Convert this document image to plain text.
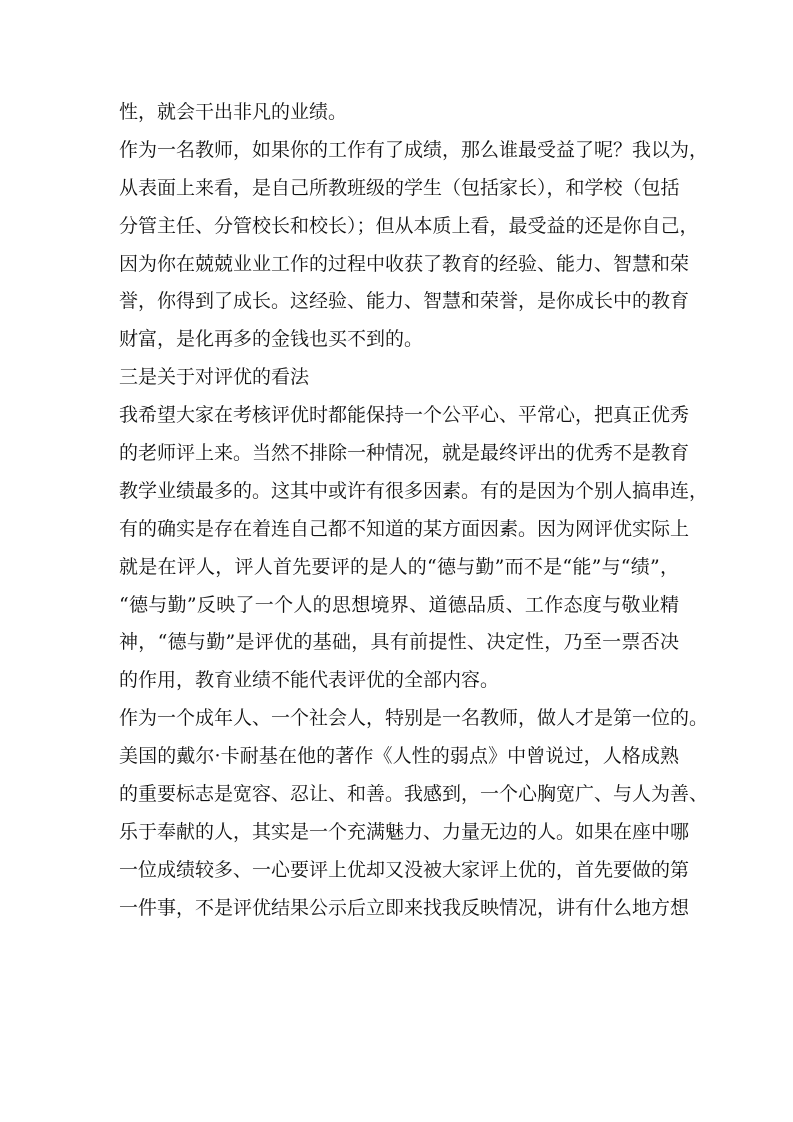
性，就会干出非凡的业绩。
作为一名教师，如果你的工作有了成绩，那么谁最受益了呢？我以为，
从表面上来看，是自己所教班级的学生（包括家长），和学校（包括
分管主任、分管校长和校长）；但从本质上看，最受益的还是你自己，
因为你在兢兢业业工作的过程中收获了教育的经验、能力、智慧和荣
誉，你得到了成长。这经验、能力、智慧和荣誉，是你成长中的教育
财富，是化再多的金钱也买不到的。
三是关于对评优的看法
我希望大家在考核评优时都能保持一个公平心、平常心，把真正优秀
的老师评上来。当然不排除一种情况，就是最终评出的优秀不是教育
教学业绩最多的。这其中或许有很多因素。有的是因为个别人搞串连，
有的确实是存在着连自己都不知道的某方面因素。因为网评优实际上
就是在评人，评人首先要评的是人的“德与勤”而不是“能”与“绩”，
“德与勤”反映了一个人的思想境界、道德品质、工作态度与敬业精
神，“德与勤”是评优的基础，具有前提性、决定性，乃至一票否决
的作用，教育业绩不能代表评优的全部内容。
作为一个成年人、一个社会人，特别是一名教师，做人才是第一位的。
美国的戴尔·卡耐基在他的著作《人性的弱点》中曾说过，人格成熟
的重要标志是宽容、忍让、和善。我感到，一个心胸宽广、与人为善、
乐于奉献的人，其实是一个充满魅力、力量无边的人。如果在座中哪
一位成绩较多、一心要评上优却又没被大家评上优的，首先要做的第
一件事，不是评优结果公示后立即来找我反映情况，讲有什么地方想
